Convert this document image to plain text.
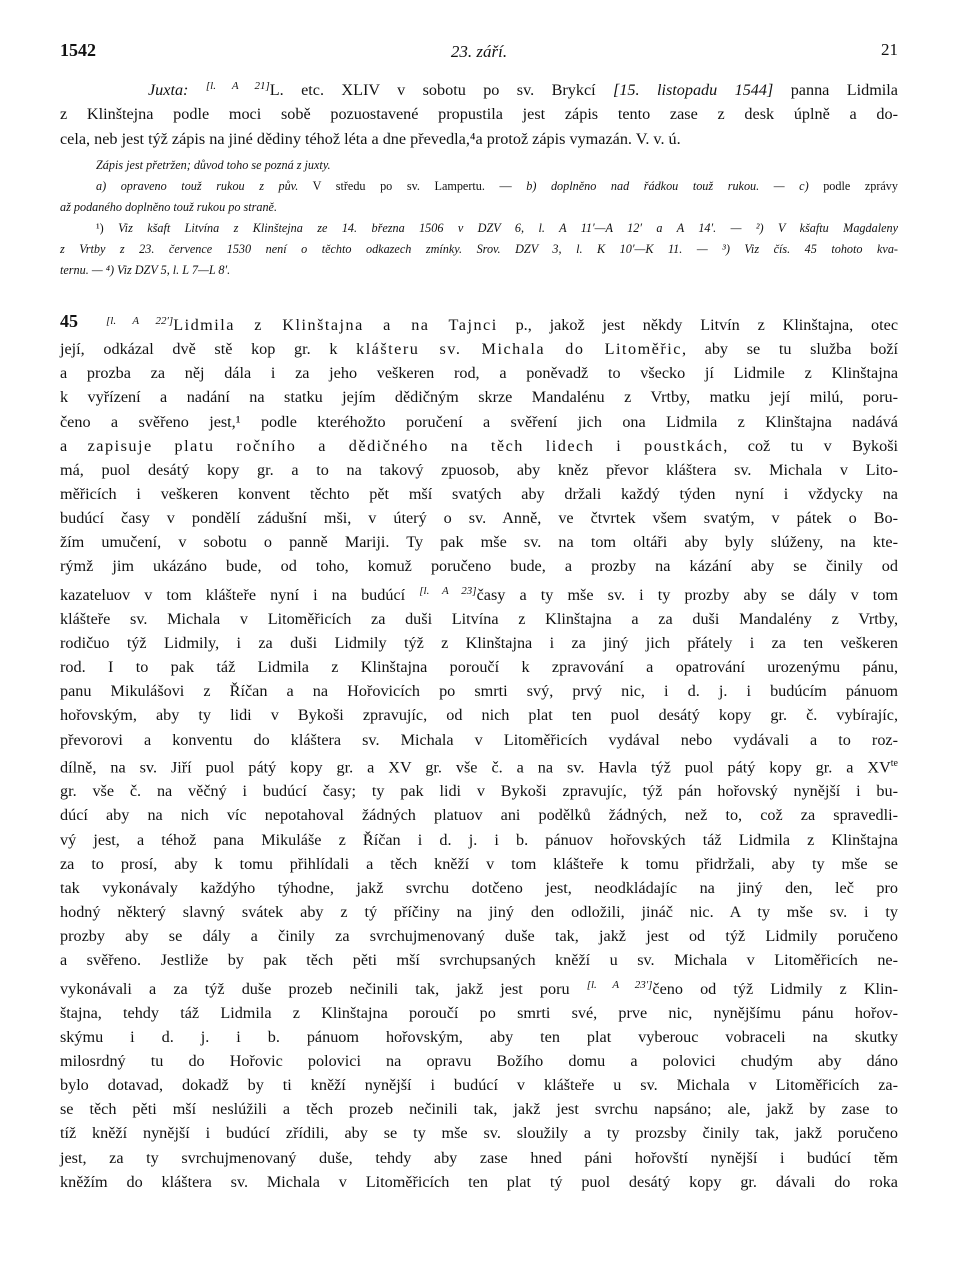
1542	23. září.	21
Juxta: [l. A 21]L. etc. XLIV v sobotu po sv. Brykcí [15. listopadu 1544] panna Lidmila
z Klinštejna podle moci sobě pozuostavené propustila jest zápis tento zase z desk úplně a do-
cela, neb jest týž zápis na jiné dědiny téhož léta a dne převedla,⁴a protož zápis vymazán. V. v. ú.
Zápis jest přetržen; důvod toho se pozná z juxty.
a) opraveno touž rukou z pův. V středu po sv. Lampertu. — b) doplněno nad řádkou touž rukou. — c) podle zprávy
až podaného doplněno touž rukou po straně.
¹) Viz kšaft Litvína z Klinštejna ze 14. března 1506 v DZV 6, l. A 11′—A 12′ a A 14′. — ²) V kšaftu Magdaleny
z Vrtby z 23. července 1530 není o těchto odkazech zmínky. Srov. DZV 3, l. K 10′—K 11. — ³) Viz čís. 45 tohoto kva-
ternu. — ⁴) Viz DZV 5, l. L 7—L 8′.
45	[l. A 22′]Lidmila z Klinštajna a na Tajnci p., jakož jest někdy Litvín z Klinštajna, otec
její, odkázal dvě stě kop gr. k klášteru sv. Michala do Litoměřic, aby se tu služba boží
a prozba za něj dála i za jeho veškeren rod, a poněvadž to všecko jí Lidmile z Klinštajna
k vyřízení a nadání na statku jejím dědičným skrze Mandalénu z Vrtby, matku její milú, poru-
čeno a svěřeno jest,¹ podle kteréhožto poručení a svěření jich ona Lidmila z Klinštajna nadává
a zapisuje platu ročního a dědičného na těch lidech i poustkách, což tu v Bykoši
má, puol desátý kopy gr. a to na takový zpuosob, aby kněz převor kláštera sv. Michala v Lito-
měřicích i veškeren konvent těchto pět mší svatých aby držali každý týden nyní i vždycky na
budúcí časy v pondělí zádušní mši, v úterý o sv. Anně, ve čtvrtek všem svatým, v pátek o Bo-
žím umučení, v sobotu o panně Mariji. Ty pak mše sv. na tom oltáři aby byly slúženy, na kte-
rýmž jim ukázáno bude, od toho, komuž poručeno bude, a prozby na kázání aby se činily od
kazateluov v tom klášteře nyní i na budúcí [l. A 23]časy a ty mše sv. i ty prozby aby se dály v tom
klášteře sv. Michala v Litoměřicích za duši Litvína z Klinštajna a za duši Mandalény z Vrtby,
rodičuo týž Lidmily, i za duši Lidmily týž z Klinštajna i za jiný jich přátely i za ten veškeren
rod. I to pak táž Lidmila z Klinštajna poroučí k zpravování a opatrování urozenýmu pánu,
panu Mikulášovi z Říčan a na Hořovicích po smrti svý, prvý nic, i d. j. i budúcím pánuom
hořovským, aby ty lidi v Bykoši zpravujíc, od nich plat ten puol desátý kopy gr. č. vybírajíc,
převorovi a konventu do kláštera sv. Michala v Litoměřicích vydával nebo vydávali a to roz-
dílně, na sv. Jiří puol pátý kopy gr. a XV gr. vše č. a na sv. Havla týž puol pátý kopy gr. a $XV^{te}$
gr. vše č. na věčný i budúcí časy; ty pak lidi v Bykoši zpravujíc, týž pán hořovský nynější i bu-
dúcí aby na nich víc nepotahoval žádných platuov ani podělků žádných, než to, což za spravedli-
vý jest, a téhož pana Mikuláše z Říčan i d. j. i b. pánuov hořovských táž Lidmila z Klinštajna
za to prosí, aby k tomu přihlídali a těch kněží v tom klášteře k tomu přidržali, aby ty mše se
tak vykonávaly každýho týhodne, jakž svrchu dotčeno jest, neodkládajíc na jiný den, leč pro
hodný některý slavný svátek aby z tý příčiny na jiný den odložili, jináč nic. A ty mše sv. i ty
prozby aby se dály a činily za svrchujmenovaný duše tak, jakž jest od týž Lidmily poručeno
a svěřeno. Jestliže by pak těch pěti mší svrchupsaných kněží u sv. Michala v Litoměřicích ne-
vykonávali a za týž duše prozeb nečinili tak, jakž jest poru [l. A 23′]čeno od týž Lidmily z Klin-
štajna, tehdy táž Lidmila z Klinštajna poroučí po smrti své, prve nic, nynějšímu pánu hořov-
skýmu i d. j. i b. pánuom hořovským, aby ten plat vyberouc vobraceli na skutky
milosrdný tu do Hořovic polovici na opravu Božího domu a polovici chudým aby dáno
bylo dotavad, dokadž by ti kněží nynější i budúcí v klášteře u sv. Michala v Litoměřicích za-
se těch pěti mší neslúžili a těch prozeb nečinili tak, jakž jest svrchu napsáno; ale, jakž by zase to
tíž kněží nynější i budúcí zřídili, aby se ty mše sv. sloužily a ty prozsby činily tak, jakž poručeno
jest, za ty svrchujmenovaný duše, tehdy aby zase hned páni hořovští nynější i budúcí těm
kněžím do kláštera sv. Michala v Litoměřicích ten plat tý puol desátý kopy gr. dávali do roka
